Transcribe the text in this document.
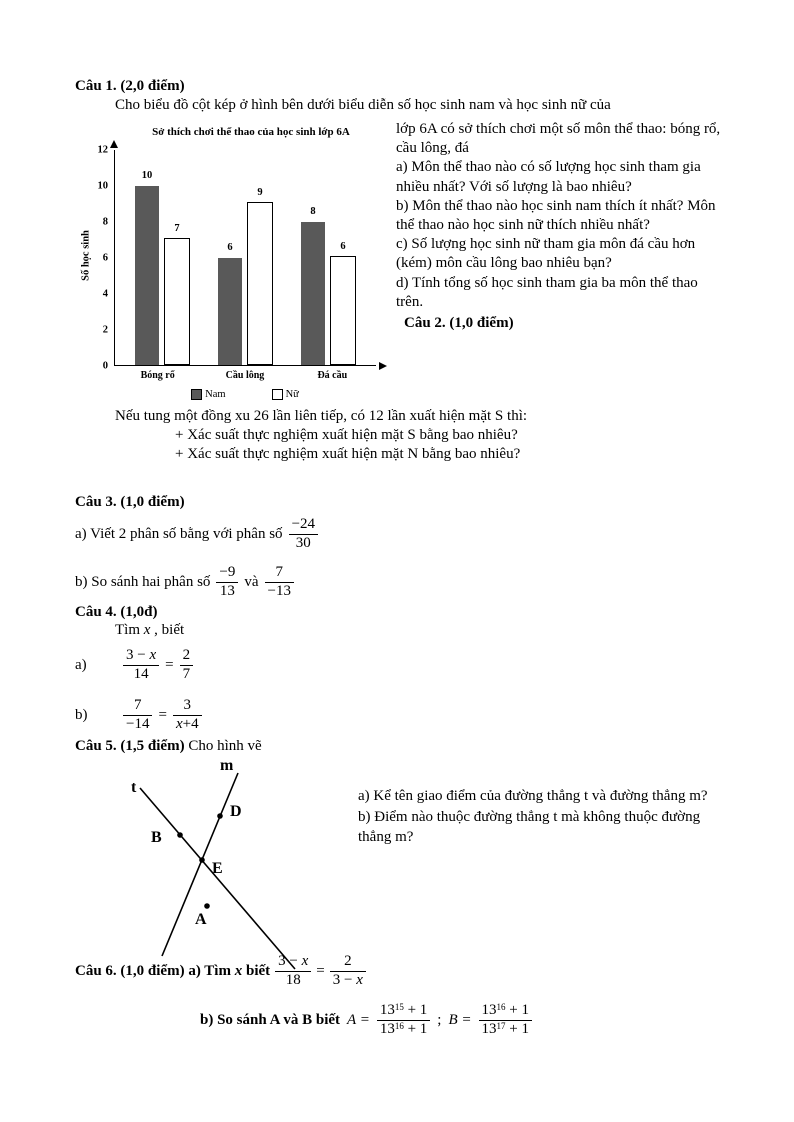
Câu 1. (2,0 điểm)
Cho biểu đồ cột kép ở hình bên dưới biểu diễn số học sinh nam và học sinh nữ của
Sở thích chơi thể thao của học sinh lớp 6A
Số học sinh
0
2
4
6
8
10
12
10
7
6
9
8
6
Bóng rổ	Cầu lông	Đá cầu
Nam	Nữ

lớp 6A có sở thích chơi một số môn thể thao: bóng rổ, cầu lông, đá

a) Môn thể thao nào có số lượng học sinh tham gia nhiều nhất? Với số lượng là bao nhiêu?

b) Môn thể thao nào học sinh nam thích ít nhất? Môn thể thao nào học sinh nữ thích nhiều nhất?

c) Số lượng học sinh nữ tham gia môn đá cầu hơn (kém) môn cầu lông bao nhiêu bạn?

d) Tính tổng số học sinh tham gia ba môn thể thao trên.

Câu 2. (1,0 điểm)

Nếu tung một đồng xu 26 lần liên tiếp, có 12 lần xuất hiện mặt S thì:
+ Xác suất thực nghiệm xuất hiện mặt S bằng bao nhiêu?
+ Xác suất thực nghiệm xuất hiện mặt N bằng bao nhiêu?
Câu 3. (1,0 điểm)
a) Viết 2 phân số bằng với phân số $\frac{-24}{30}$
b) So sánh hai phân số $\frac{-9}{13}$ và $\frac{7}{-13}$
Câu 4. (1,0đ)
Tìm x , biết
a)	$\frac{3 - x}{14} = \frac{2}{7}$
b)	$\frac{7}{-14} = \frac{3}{x+4}$
Câu 5. (1,5 điểm) Cho hình vẽ
m
t
D
B
E
A

a) Kể tên giao điểm của đường thẳng t và đường thẳng m?

b) Điểm nào thuộc đường thẳng t mà không thuộc đường thẳng m?

Câu 6. (1,0 điểm) a) Tìm x biết $\frac{3 - x}{18} = \frac{2}{3 - x}$
b) So sánh A và B biết $A = \frac{13^{15} + 1}{13^{16} + 1}$ ; $B = \frac{13^{16} + 1}{13^{17} + 1}$
